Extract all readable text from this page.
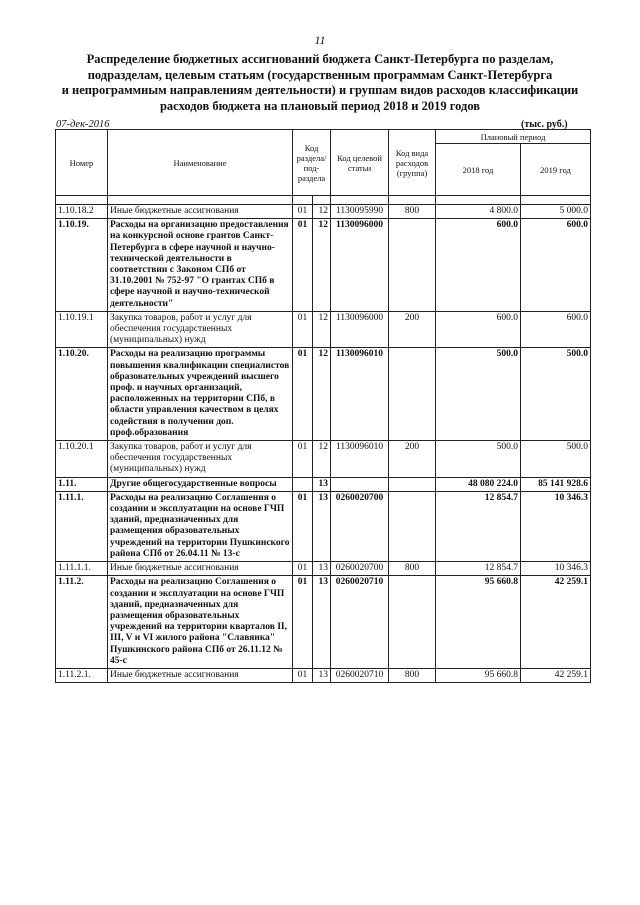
11
Распределение бюджетных ассигнований бюджета Санкт-Петербурга по разделам,
подразделам, целевым статьям (государственным программам Санкт-Петербурга
и непрограммным направлениям деятельности) и группам видов расходов классификации
расходов бюджета на плановый период 2018 и 2019 годов
07-дек-2016	(тыс. руб.)
Номер	Наименование	Код раздела/ под- раздела		Код целевой статьи	Код вида расходов (группа)	Плановый период	
						2018 год	2019 год

1.10.18.2	Иные бюджетные ассигнования	01	12	1130095990	800	4 800.0	5 000.0
1.10.19.	Расходы на организацию предоставления на конкурсной основе грантов Санкт-Петербурга в сфере научной и научно-технической деятельности в соответствии с Законом СПб от 31.10.2001 № 752-97 "О грантах СПб в сфере научной и научно-технической деятельности"	01	12	1130096000		600.0	600.0
1.10.19.1	Закупка товаров, работ и услуг для обеспечения государственных (муниципальных) нужд	01	12	1130096000	200	600.0	600.0
1.10.20.	Расходы на реализацию программы повышения квалификации специалистов образовательных учреждений высшего проф. и научных организаций, расположенных на территории СПб, в области управления качеством в целях содействия в получении доп. проф.образования	01	12	1130096010		500.0	500.0
1.10.20.1	Закупка товаров, работ и услуг для обеспечения государственных (муниципальных) нужд	01	12	1130096010	200	500.0	500.0
1.11.	Другие общегосударственные вопросы		13			48 080 224.0	85 141 928.6
1.11.1.	Расходы на реализацию Соглашения о создании и эксплуатации на основе ГЧП зданий, предназначенных для размещения образовательных учреждений на территории Пушкинского района СПб от 26.04.11 № 13-с	01	13	0260020700		12 854.7	10 346.3
1.11.1.1.	Иные бюджетные ассигнования	01	13	0260020700	800	12 854.7	10 346.3
1.11.2.	Расходы на реализацию Соглашения о создании и эксплуатации на основе ГЧП зданий, предназначенных для размещения образовательных учреждений на территории кварталов II, III, V и VI жилого района "Славянка" Пушкинского района СПб от 26.11.12 № 45-с	01	13	0260020710		95 660.8	42 259.1
1.11.2.1.	Иные бюджетные ассигнования	01	13	0260020710	800	95 660.8	42 259.1
